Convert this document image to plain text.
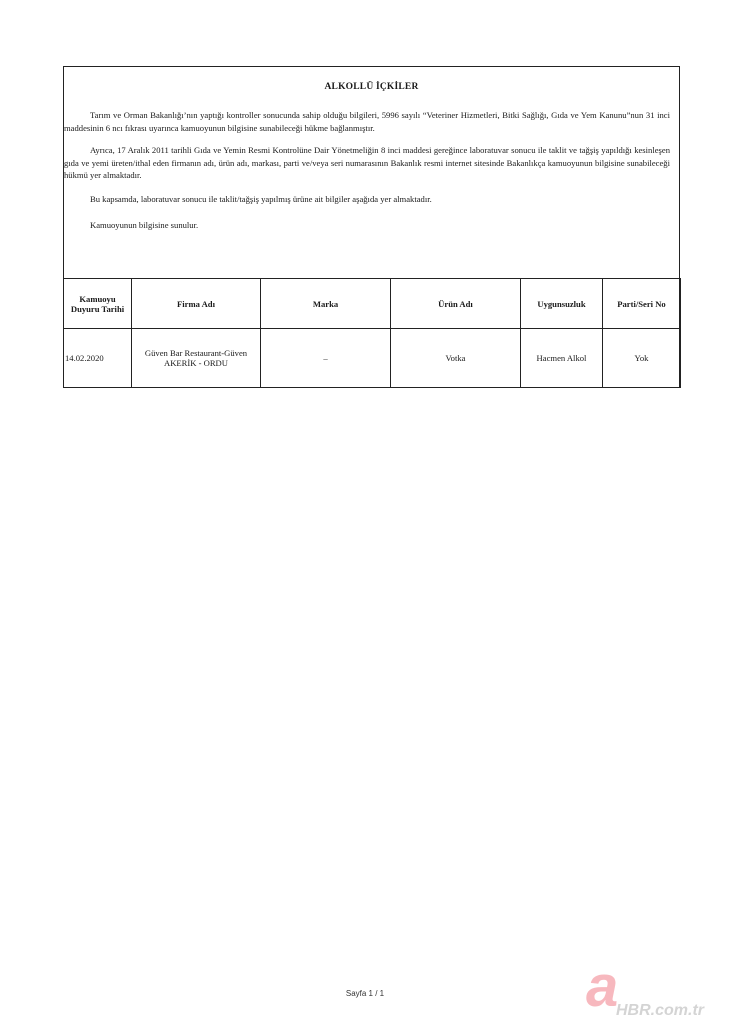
ALKOLLÜ İÇKİLER

Tarım ve Orman Bakanlığı’nın yaptığı kontroller sonucunda sahip olduğu bilgileri, 5996 sayılı “Veteriner Hizmetleri, Bitki Sağlığı, Gıda ve Yem Kanunu”nun 31 inci maddesinin 6 ncı fıkrası uyarınca kamuoyunun bilgisine sunabileceği hükme bağlanmıştır.

Ayrıca, 17 Aralık 2011 tarihli Gıda ve Yemin Resmi Kontrolüne Dair Yönetmeliğin 8 inci maddesi gereğince laboratuvar sonucu ile taklit ve tağşiş yapıldığı kesinleşen gıda ve yemi üreten/ithal eden firmanın adı, ürün adı, markası, parti ve/veya seri numarasının Bakanlık resmi internet sitesinde Bakanlıkça kamuoyunun bilgisine sunabileceği hükmü yer almaktadır.

Bu kapsamda, laboratuvar sonucu ile taklit/tağşiş yapılmış ürüne ait bilgiler aşağıda yer almaktadır.

Kamuoyunun bilgisine sunulur.

Kamuoyu Duyuru Tarihi	Firma Adı	Marka	Ürün Adı	Uygunsuzluk	Parti/Seri No
14.02.2020	Güven Bar Restaurant-Güven AKERİK - ORDU	–	Votka	Hacmen Alkol	Yok
Sayfa 1 / 1	a
HBR.com.tr
